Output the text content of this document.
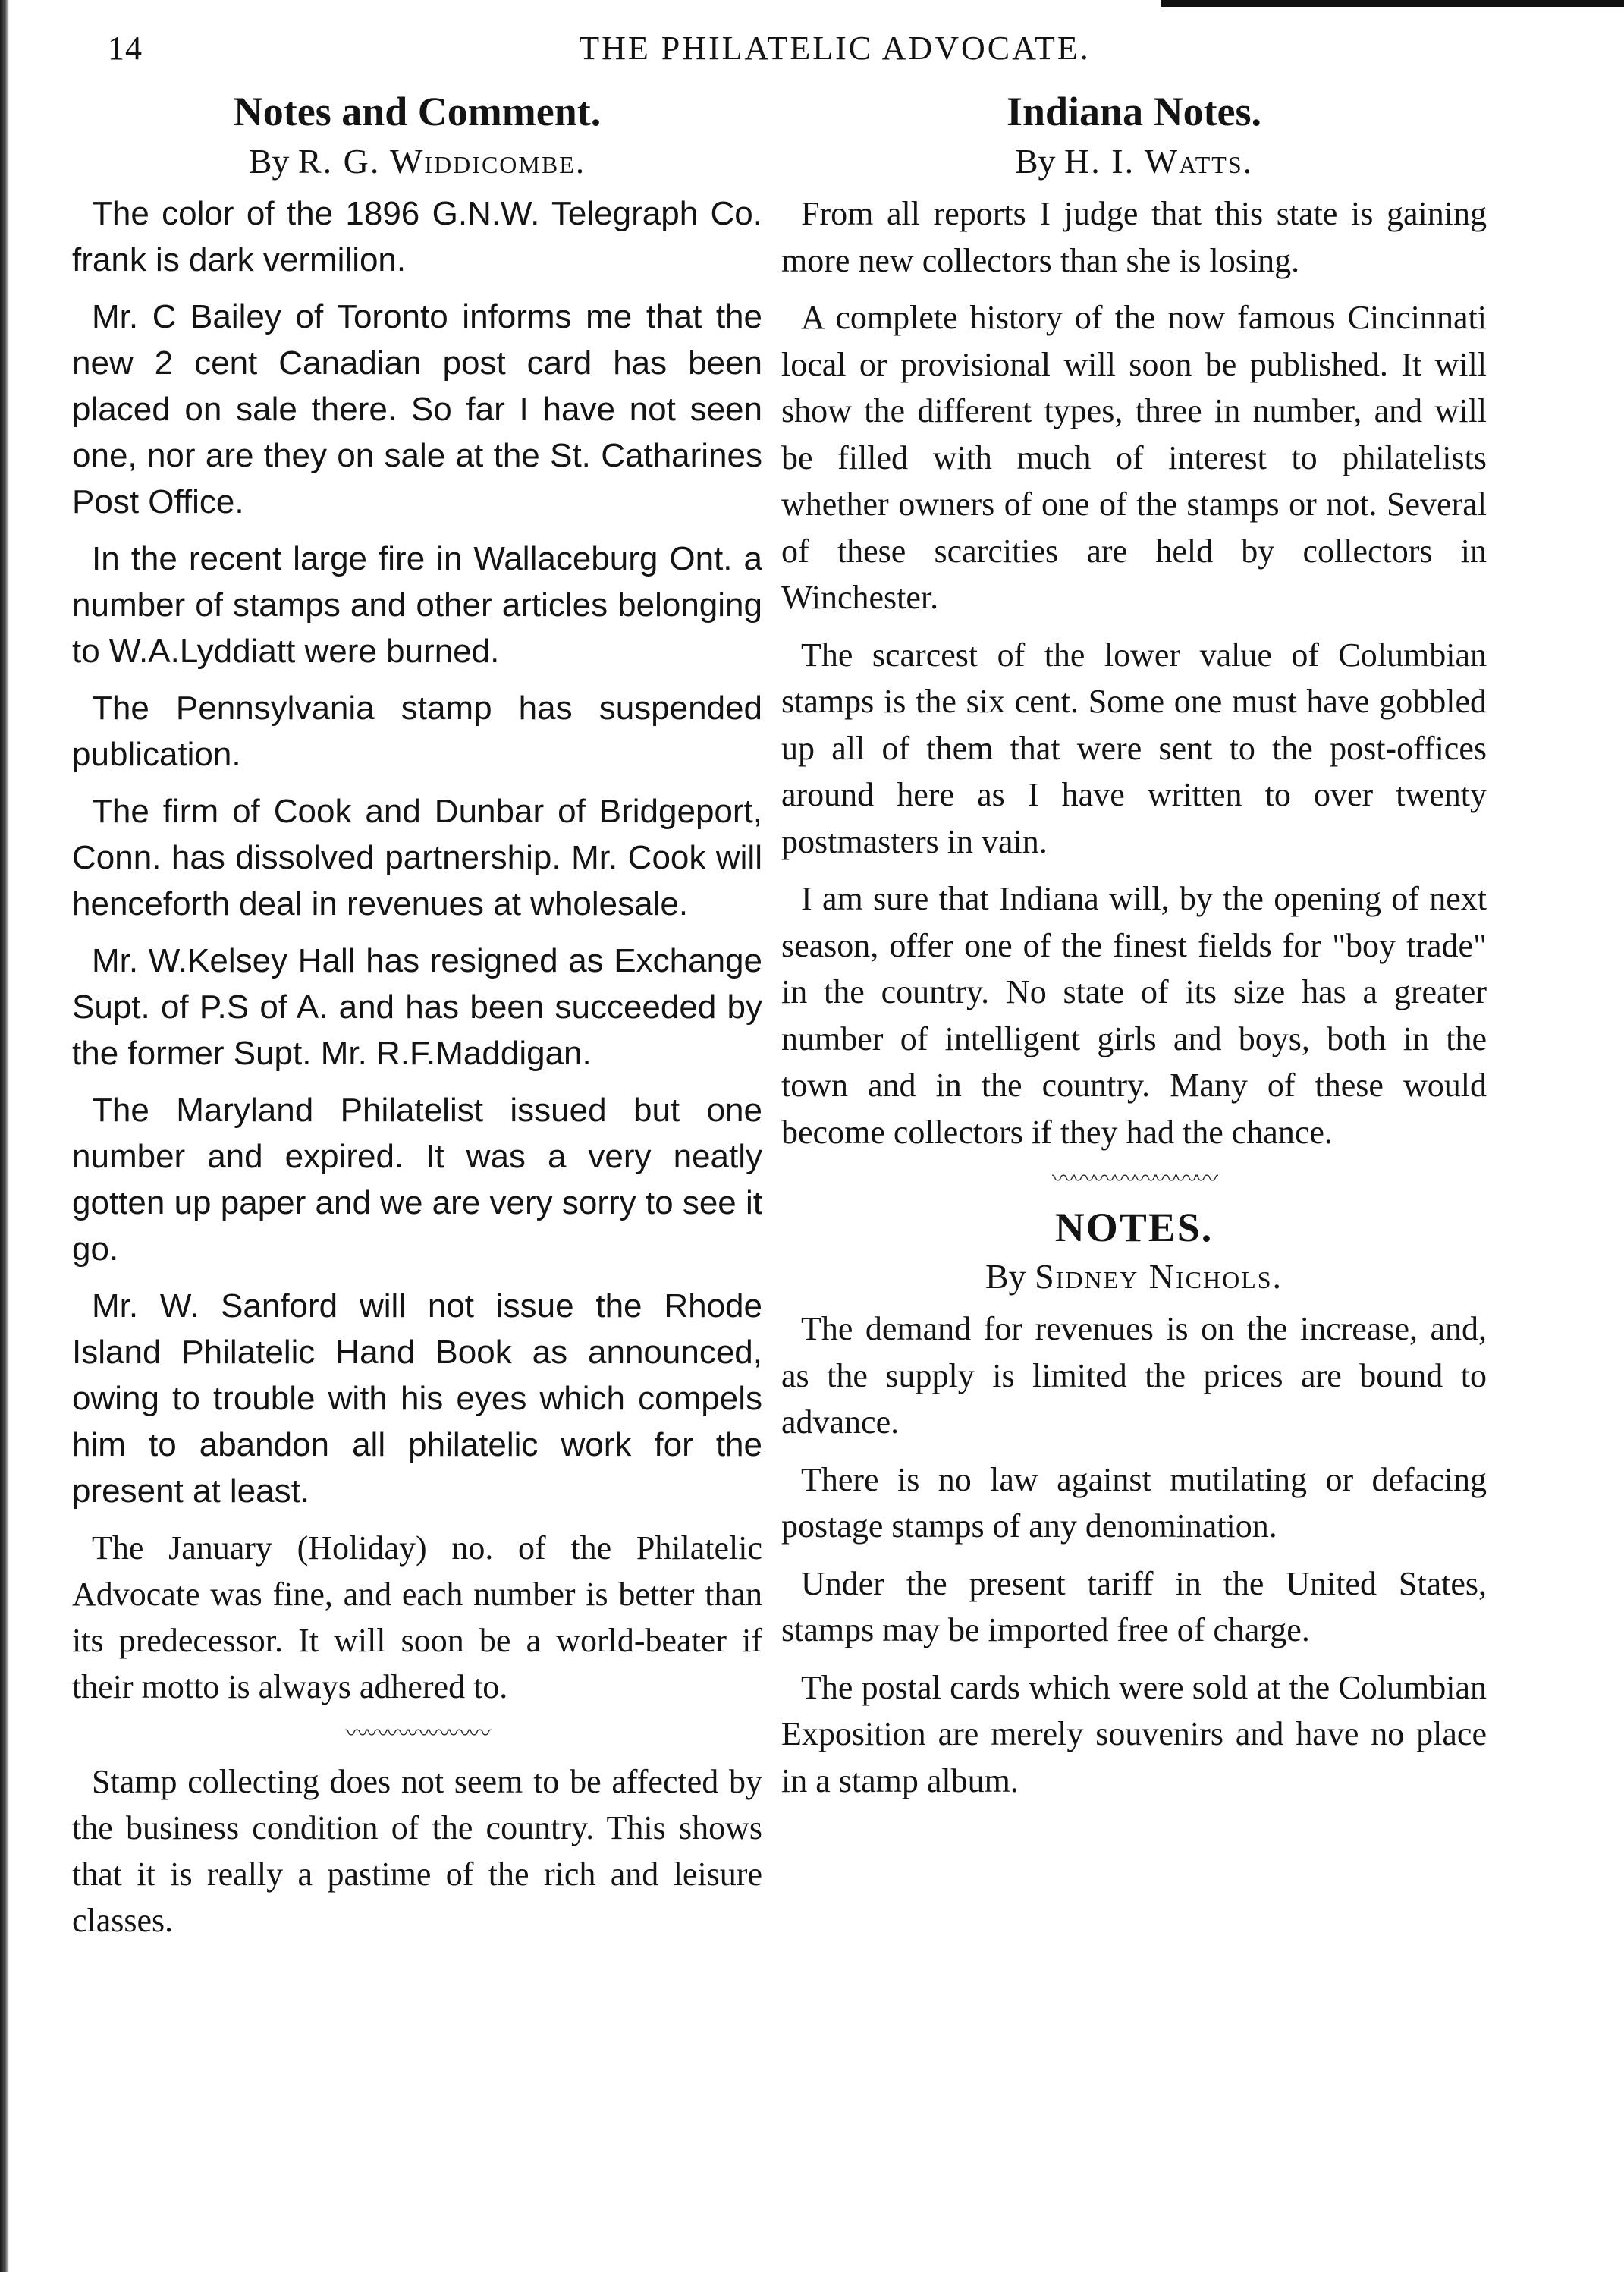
14	THE PHILATELIC ADVOCATE.
Notes and Comment.
By R. G. Widdicombe.

The color of the 1896 G.N.W. Telegraph Co. frank is dark vermilion.

Mr. C Bailey of Toronto informs me that the new 2 cent Canadian post card has been placed on sale there. So far I have not seen one, nor are they on sale at the St. Catharines Post Office.

In the recent large fire in Wallaceburg Ont. a number of stamps and other articles belonging to W.A.Lyddiatt were burned.

The Pennsylvania stamp has suspended publication.

The firm of Cook and Dunbar of Bridgeport, Conn. has dissolved partnership. Mr. Cook will henceforth deal in revenues at wholesale.

Mr. W.Kelsey Hall has resigned as Exchange Supt. of P.S of A. and has been succeeded by the former Supt. Mr. R.F.Maddigan.

The Maryland Philatelist issued but one number and expired. It was a very neatly gotten up paper and we are very sorry to see it go.

Mr. W. Sanford will not issue the Rhode Island Philatelic Hand Book as announced, owing to trouble with his eyes which compels him to abandon all philatelic work for the present at least.

The January (Holiday) no. of the Philatelic Advocate was fine, and each number is better than its predecessor. It will soon be a world-beater if their motto is always adhered to.

〰〰〰〰〰〰〰

Stamp collecting does not seem to be affected by the business condition of the country. This shows that it is really a pastime of the rich and leisure classes.

Indiana Notes.
By H. I. Watts.

From all reports I judge that this state is gaining more new collectors than she is losing.

A complete history of the now famous Cincinnati local or provisional will soon be published. It will show the different types, three in number, and will be filled with much of interest to philatelists whether owners of one of the stamps or not. Several of these scarcities are held by collectors in Winchester.

The scarcest of the lower value of Columbian stamps is the six cent. Some one must have gobbled up all of them that were sent to the post-offices around here as I have written to over twenty postmasters in vain.

I am sure that Indiana will, by the opening of next season, offer one of the finest fields for "boy trade" in the country. No state of its size has a greater number of intelligent girls and boys, both in the town and in the country. Many of these would become collectors if they had the chance.

〰〰〰〰〰〰〰〰
NOTES.
By Sidney Nichols.

The demand for revenues is on the increase, and, as the supply is limited the prices are bound to advance.

There is no law against mutilating or defacing postage stamps of any denomination.

Under the present tariff in the United States, stamps may be imported free of charge.

The postal cards which were sold at the Columbian Exposition are merely souvenirs and have no place in a stamp album.
